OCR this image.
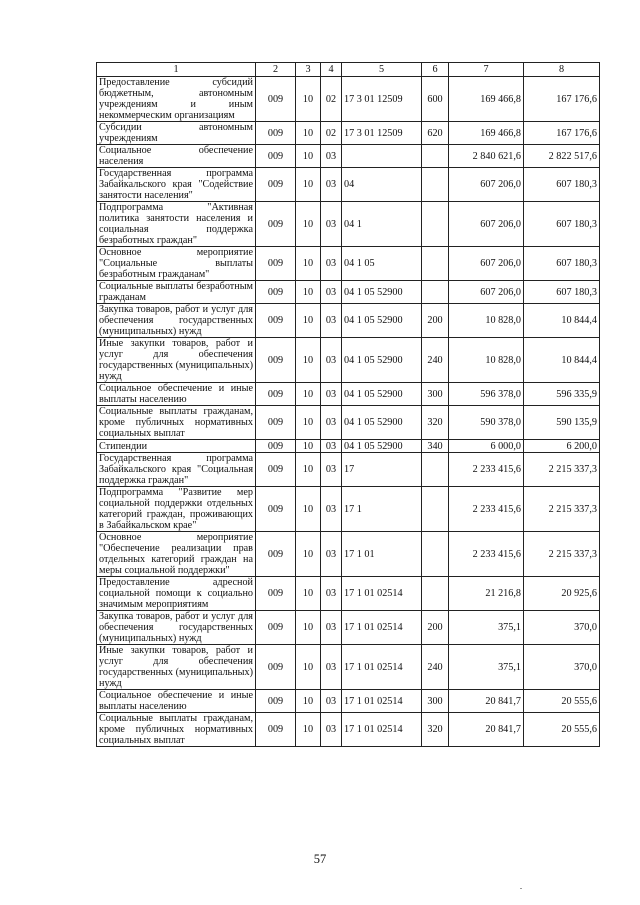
1	2	3	4	5	6	7	8
Предоставление субсидий бюджетным, автономным учреждениям и иным некоммерческим организациям	009	10	02	17 3 01 12509	600	169 466,8	167 176,6
Субсидии автономным учреждениям	009	10	02	17 3 01 12509	620	169 466,8	167 176,6
Социальное обеспечение населения	009	10	03			2 840 621,6	2 822 517,6
Государственная программа Забайкальского края "Содействие занятости населения"	009	10	03	04		607 206,0	607 180,3
Подпрограмма "Активная политика занятости населения и социальная поддержка безработных граждан"	009	10	03	04 1		607 206,0	607 180,3
Основное мероприятие "Социальные выплаты безработным гражданам"	009	10	03	04 1 05		607 206,0	607 180,3
Социальные выплаты безработным гражданам	009	10	03	04 1 05 52900		607 206,0	607 180,3
Закупка товаров, работ и услуг для обеспечения государственных (муниципальных) нужд	009	10	03	04 1 05 52900	200	10 828,0	10 844,4
Иные закупки товаров, работ и услуг для обеспечения государственных (муниципальных) нужд	009	10	03	04 1 05 52900	240	10 828,0	10 844,4
Социальное обеспечение и иные выплаты населению	009	10	03	04 1 05 52900	300	596 378,0	596 335,9
Социальные выплаты гражданам, кроме публичных нормативных социальных выплат	009	10	03	04 1 05 52900	320	590 378,0	590 135,9
Стипендии	009	10	03	04 1 05 52900	340	6 000,0	6 200,0
Государственная программа Забайкальского края "Социальная поддержка граждан"	009	10	03	17		2 233 415,6	2 215 337,3
Подпрограмма "Развитие мер социальной поддержки отдельных категорий граждан, проживающих в Забайкальском крае"	009	10	03	17 1		2 233 415,6	2 215 337,3
Основное мероприятие "Обеспечение реализации прав отдельных категорий граждан на меры социальной поддержки"	009	10	03	17 1 01		2 233 415,6	2 215 337,3
Предоставление адресной социальной помощи к социально значимым мероприятиям	009	10	03	17 1 01 02514		21 216,8	20 925,6
Закупка товаров, работ и услуг для обеспечения государственных (муниципальных) нужд	009	10	03	17 1 01 02514	200	375,1	370,0
Иные закупки товаров, работ и услуг для обеспечения государственных (муниципальных) нужд	009	10	03	17 1 01 02514	240	375,1	370,0
Социальное обеспечение и иные выплаты населению	009	10	03	17 1 01 02514	300	20 841,7	20 555,6
Социальные выплаты гражданам, кроме публичных нормативных социальных выплат	009	10	03	17 1 01 02514	320	20 841,7	20 555,6
57
